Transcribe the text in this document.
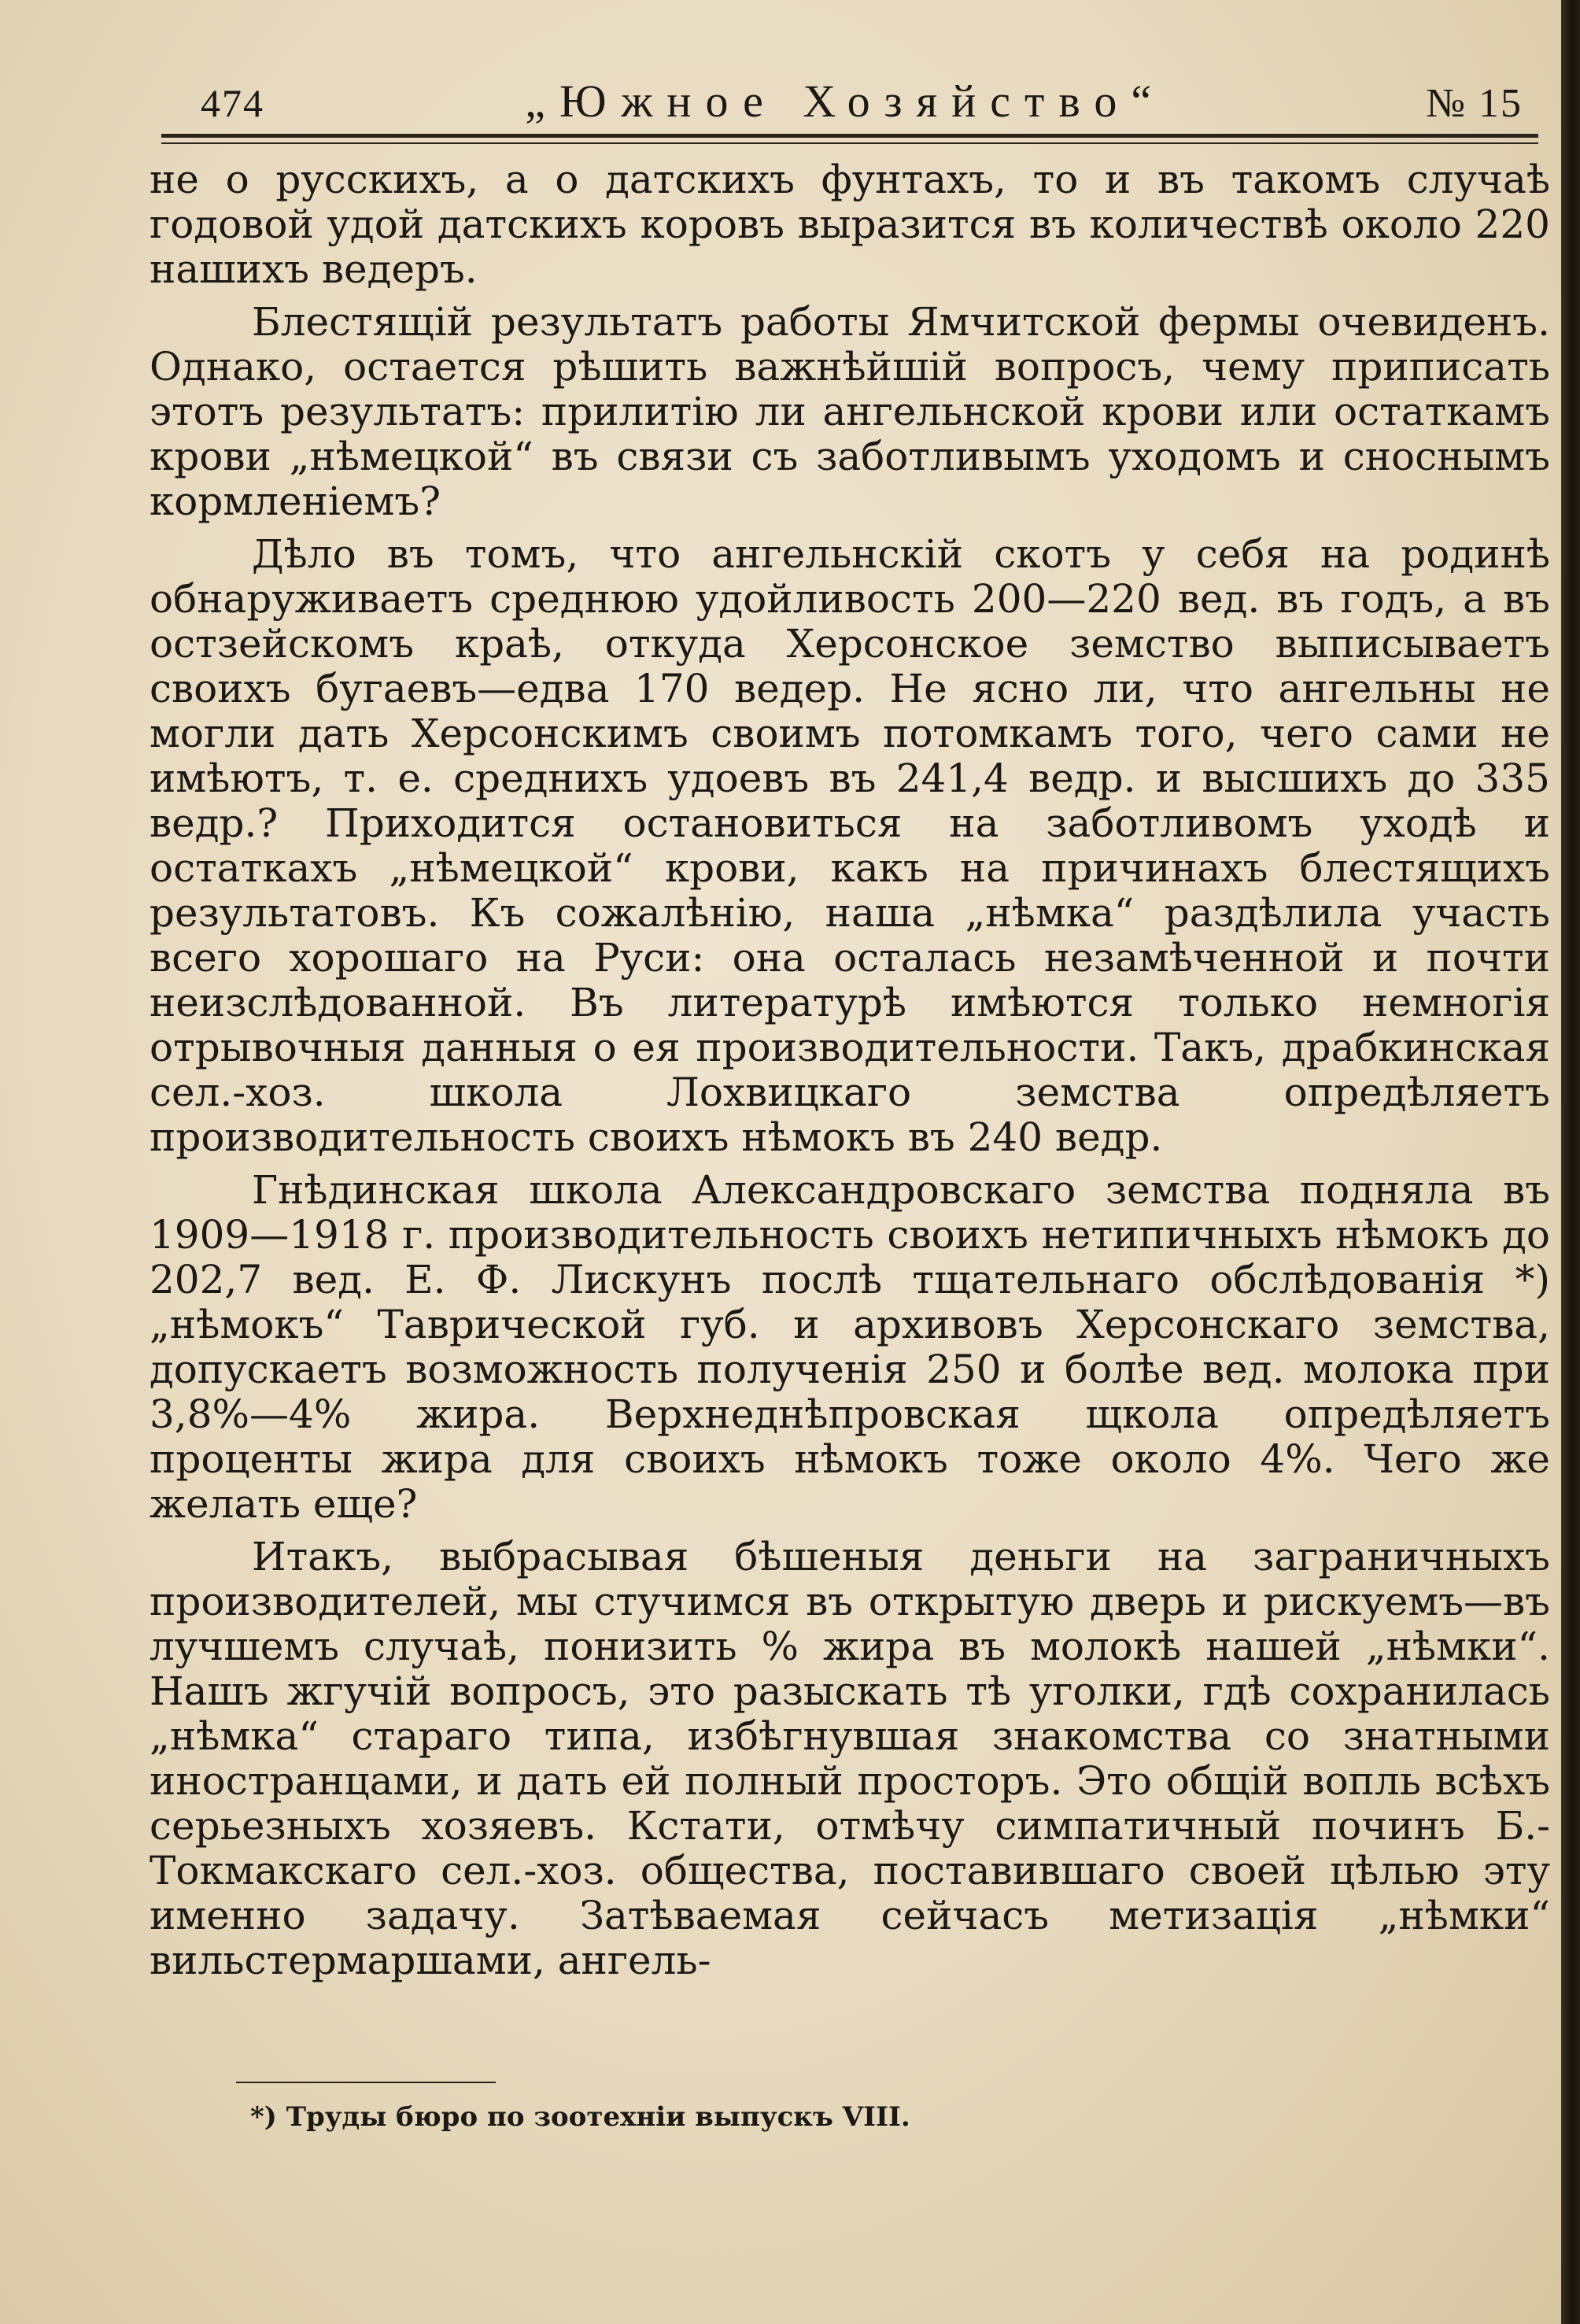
474	„Южное Хозяйство“	№ 15

не о русскихъ, а о датскихъ фунтахъ, то и въ такомъ случаѣ годовой удой датскихъ коровъ выразится въ количествѣ около 220 нашихъ ведеръ.

Блестящій результатъ работы Ямчитской фермы очевиденъ. Однако, остается рѣшить важнѣйшій вопросъ, чему приписать этотъ результатъ: прилитію ли ангельнской крови или остаткамъ крови „нѣмецкой“ въ связи съ заботливымъ уходомъ и сноснымъ кормленіемъ?

Дѣло въ томъ, что ангельнскій скотъ у себя на родинѣ обнаруживаетъ среднюю удойливость 200—220 вед. въ годъ, а въ остзейскомъ краѣ, откуда Херсонское земство выписываетъ своихъ бугаевъ—едва 170 ведер. Не ясно ли, что ангельны не могли дать Херсонскимъ своимъ потомкамъ того, чего сами не имѣютъ, т. е. среднихъ удоевъ въ 241,4 ведр. и высшихъ до 335 ведр.? Приходится остановиться на заботливомъ уходѣ и остаткахъ „нѣмецкой“ крови, какъ на причинахъ блестящихъ результатовъ. Къ сожалѣнію, наша „нѣмка“ раздѣлила участь всего хорошаго на Руси: она осталась незамѣченной и почти неизслѣдованной. Въ литературѣ имѣются только немногія отрывочныя данныя о ея производительности. Такъ, драбкинская сел.-хоз. школа Лохвицкаго земства опредѣляетъ производительность своихъ нѣмокъ въ 240 ведр.

Гнѣдинская школа Александровскаго земства подняла въ 1909—1918 г. производительность своихъ нетипичныхъ нѣмокъ до 202,7 вед. Е. Ф. Лискунъ послѣ тщательнаго обслѣдованія *) „нѣмокъ“ Таврической губ. и архивовъ Херсонскаго земства, допускаетъ возможность полученія 250 и болѣе вед. молока при 3,8%—4% жира. Верхнеднѣпровская щкола опредѣляетъ проценты жира для своихъ нѣмокъ тоже около 4%. Чего же желать еще?

Итакъ, выбрасывая бѣшеныя деньги на заграничныхъ производителей, мы стучимся въ открытую дверь и рискуемъ—въ лучшемъ случаѣ, понизить % жира въ молокѣ нашей „нѣмки“. Нашъ жгучій вопросъ, это разыскать тѣ уголки, гдѣ сохранилась „нѣмка“ стараго типа, избѣгнувшая знакомства со знатными иностранцами, и дать ей полный просторъ. Это общій вопль всѣхъ серьезныхъ хозяевъ. Кстати, отмѣчу симпатичный починъ Б.-Токмакскаго сел.-хоз. общества, поставившаго своей цѣлью эту именно задачу. Затѣваемая сейчасъ метизація „нѣмки“ вильстермаршами, ангель-

*) Труды бюро по зоотехніи выпускъ VIII.
